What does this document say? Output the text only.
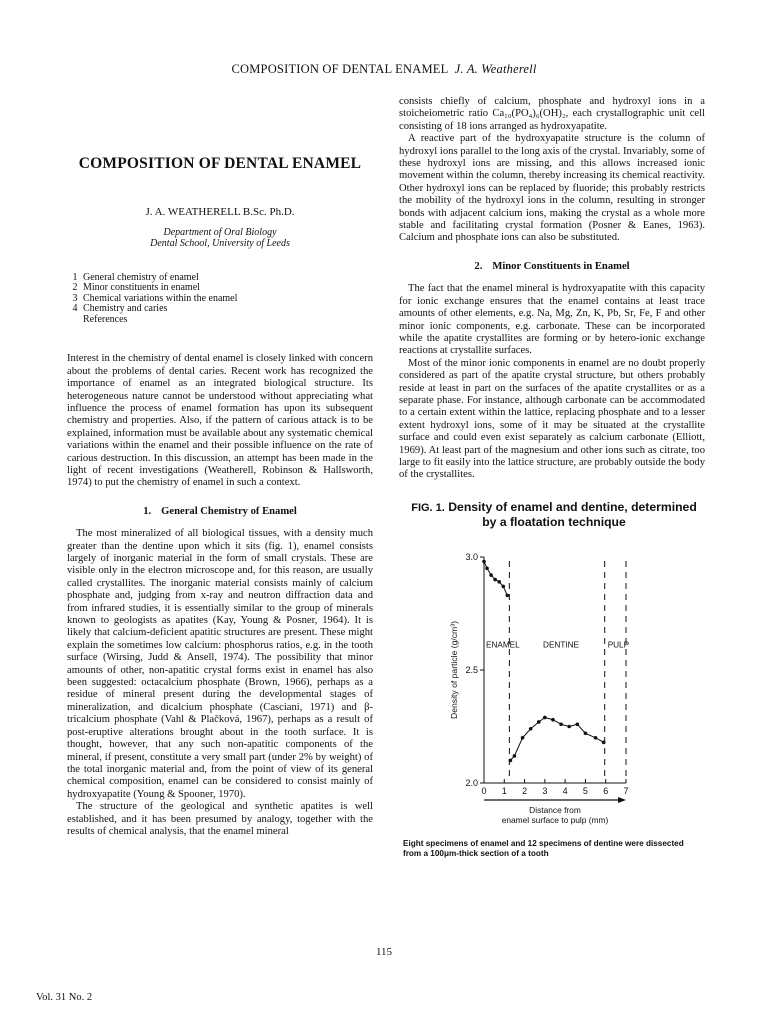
COMPOSITION OF DENTAL ENAMEL J. A. Weatherell
COMPOSITION OF DENTAL ENAMEL
J. A. WEATHERELL B.Sc. Ph.D.
Department of Oral Biology
Dental School, University of Leeds
1 General chemistry of enamel
2 Minor constituents in enamel
3 Chemical variations within the enamel
4 Chemistry and caries
References

Interest in the chemistry of dental enamel is closely linked with concern about the problems of dental caries. Recent work has recognized the importance of enamel as an integrated biological structure. Its heterogeneous nature cannot be understood without appreciating what influence the process of enamel formation has upon its subsequent chemistry and properties. Also, if the pattern of carious attack is to be explained, information must be available about any systematic chemical variations within the enamel and their possible influence on the rate of carious destruction. In this discussion, an attempt has been made in the light of recent investigations (Weatherell, Robinson & Hallsworth, 1974) to put the chemistry of enamel in such a context.

1. General Chemistry of Enamel

The most mineralized of all biological tissues, with a density much greater than the dentine upon which it sits (fig. 1), enamel consists largely of inorganic material in the form of small crystals. These are visible only in the electron microscope and, for this reason, are usually called crystallites. The inorganic material consists mainly of calcium phosphate and, judging from x-ray and neutron diffraction data and from infrared studies, it is essentially similar to the group of minerals known to geologists as apatites (Kay, Young & Posner, 1964). It is likely that calcium-deficient apatitic structures are present. These might explain the sometimes low calcium: phosphorus ratios, e.g. in the tooth surface (Wirsing, Judd & Ansell, 1974). The possibility that minor amounts of other, non-apatitic crystal forms exist in enamel has also been suggested: octacalcium phosphate (Brown, 1966), perhaps as a residue of mineral present during the developmental stages of mineralization, and dicalcium phosphate (Casciani, 1971) and β-tricalcium phosphate (Vahl & Plačková, 1967), perhaps as a result of post-eruptive alterations brought about in the tooth surface. It is thought, however, that any such non-apatitic components of the mineral, if present, constitute a very small part (under 2% by weight) of the total inorganic material and, from the point of view of its general chemical composition, enamel can be considered to consist mainly of hydroxyapatite (Young & Spooner, 1970).

The structure of the geological and synthetic apatites is well established, and it has been presumed by analogy, together with the results of chemical analysis, that the enamel mineral

consists chiefly of calcium, phosphate and hydroxyl ions in a stoicheiometric ratio Ca₁₀(PO₄)₆(OH)₂, each crystallographic unit cell consisting of 18 ions arranged as hydroxyapatite.

A reactive part of the hydroxyapatite structure is the column of hydroxyl ions parallel to the long axis of the crystal. Invariably, some of these hydroxyl ions are missing, and this allows increased ionic movement within the column, thereby increasing its chemical reactivity. Other hydroxyl ions can be replaced by fluoride; this probably restricts the mobility of the hydroxyl ions in the column, resulting in stronger bonds with adjacent calcium ions, making the crystal as a whole more stable and facilitating crystal formation (Posner & Eanes, 1963). Calcium and phosphate ions can also be substituted.

2. Minor Constituents in Enamel

The fact that the enamel mineral is hydroxyapatite with this capacity for ionic exchange ensures that the enamel contains at least trace amounts of other elements, e.g. Na, Mg, Zn, K, Pb, Sr, Fe, F and other minor ionic components, e.g. carbonate. These can be incorporated while the apatite crystallites are forming or by hetero-ionic exchange reactions at crystallite surfaces.

Most of the minor ionic components in enamel are no doubt properly considered as part of the apatite crystal structure, but others probably reside at least in part on the surfaces of the apatite crystallites or as a separate phase. For instance, although carbonate can be accommodated to a certain extent within the lattice, replacing phosphate and to a lesser extent hydroxyl ions, some of it may be situated at the crystallite surface and could even exist separately as calcium carbonate (Elliott, 1969). At least part of the magnesium and other ions such as citrate, too large to fit easily into the lattice structure, are probably outside the body of the crystallites.

FIG. 1. Density of enamel and dentine, determined
by a floatation technique
2.0
2.5
3.0
0 1 2 3 4 5 6 7
Distance from
enamel surface to pulp (mm)
Density of particle (g/cm³)	ENAMEL	DENTINE	PULP
Eight specimens of enamel and 12 specimens of dentine were dissected
from a 100μm-thick section of a tooth
115
Vol. 31 No. 2
